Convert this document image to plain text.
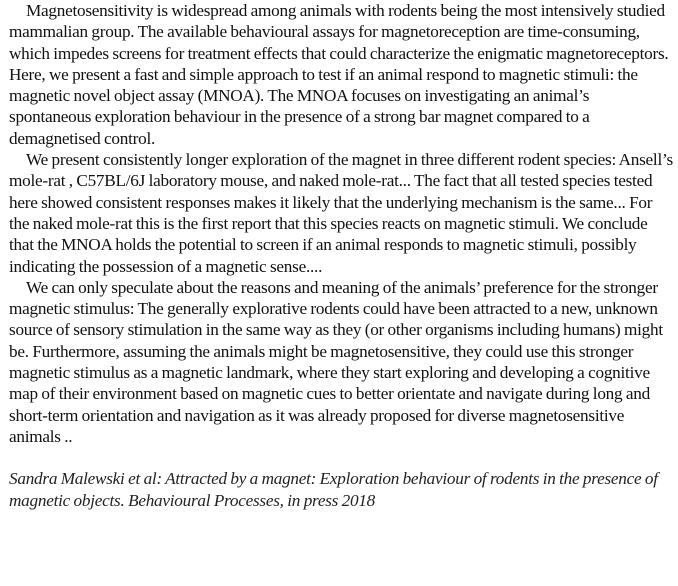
Magnetosensitivity is widespread among animals with rodents being the most intensively studied mammalian group. The available behavioural assays for magnetoreception are time-consuming, which impedes screens for treatment effects that could characterize the enigmatic magnetoreceptors. Here, we present a fast and simple approach to test if an animal respond to magnetic stimuli: the magnetic novel object assay (MNOA). The MNOA focuses on investigating an animal’s spontaneous exploration behaviour in the presence of a strong bar magnet compared to a demagnetised control.

We present consistently longer exploration of the magnet in three different rodent species: Ansell’s mole-rat , C57BL/6J laboratory mouse, and naked mole-rat... The fact that all tested species tested here showed consistent responses makes it likely that the underlying mechanism is the same... For the naked mole-rat this is the first report that this species reacts on magnetic stimuli. We conclude that the MNOA holds the potential to screen if an animal responds to magnetic stimuli, possibly indicating the possession of a magnetic sense....

We can only speculate about the reasons and meaning of the animals’ preference for the stronger magnetic stimulus: The generally explorative rodents could have been attracted to a new, unknown source of sensory stimulation in the same way as they (or other organisms including humans) might be. Furthermore, assuming the animals might be magnetosensitive, they could use this stronger magnetic stimulus as a magnetic landmark, where they start exploring and developing a cognitive map of their environment based on magnetic cues to better orientate and navigate during long and short-term orientation and navigation as it was already proposed for diverse magnetosensitive animals ..

Sandra Malewski et al: Attracted by a magnet: Exploration behaviour of rodents in the presence of magnetic objects. Behavioural Processes, in press 2018
